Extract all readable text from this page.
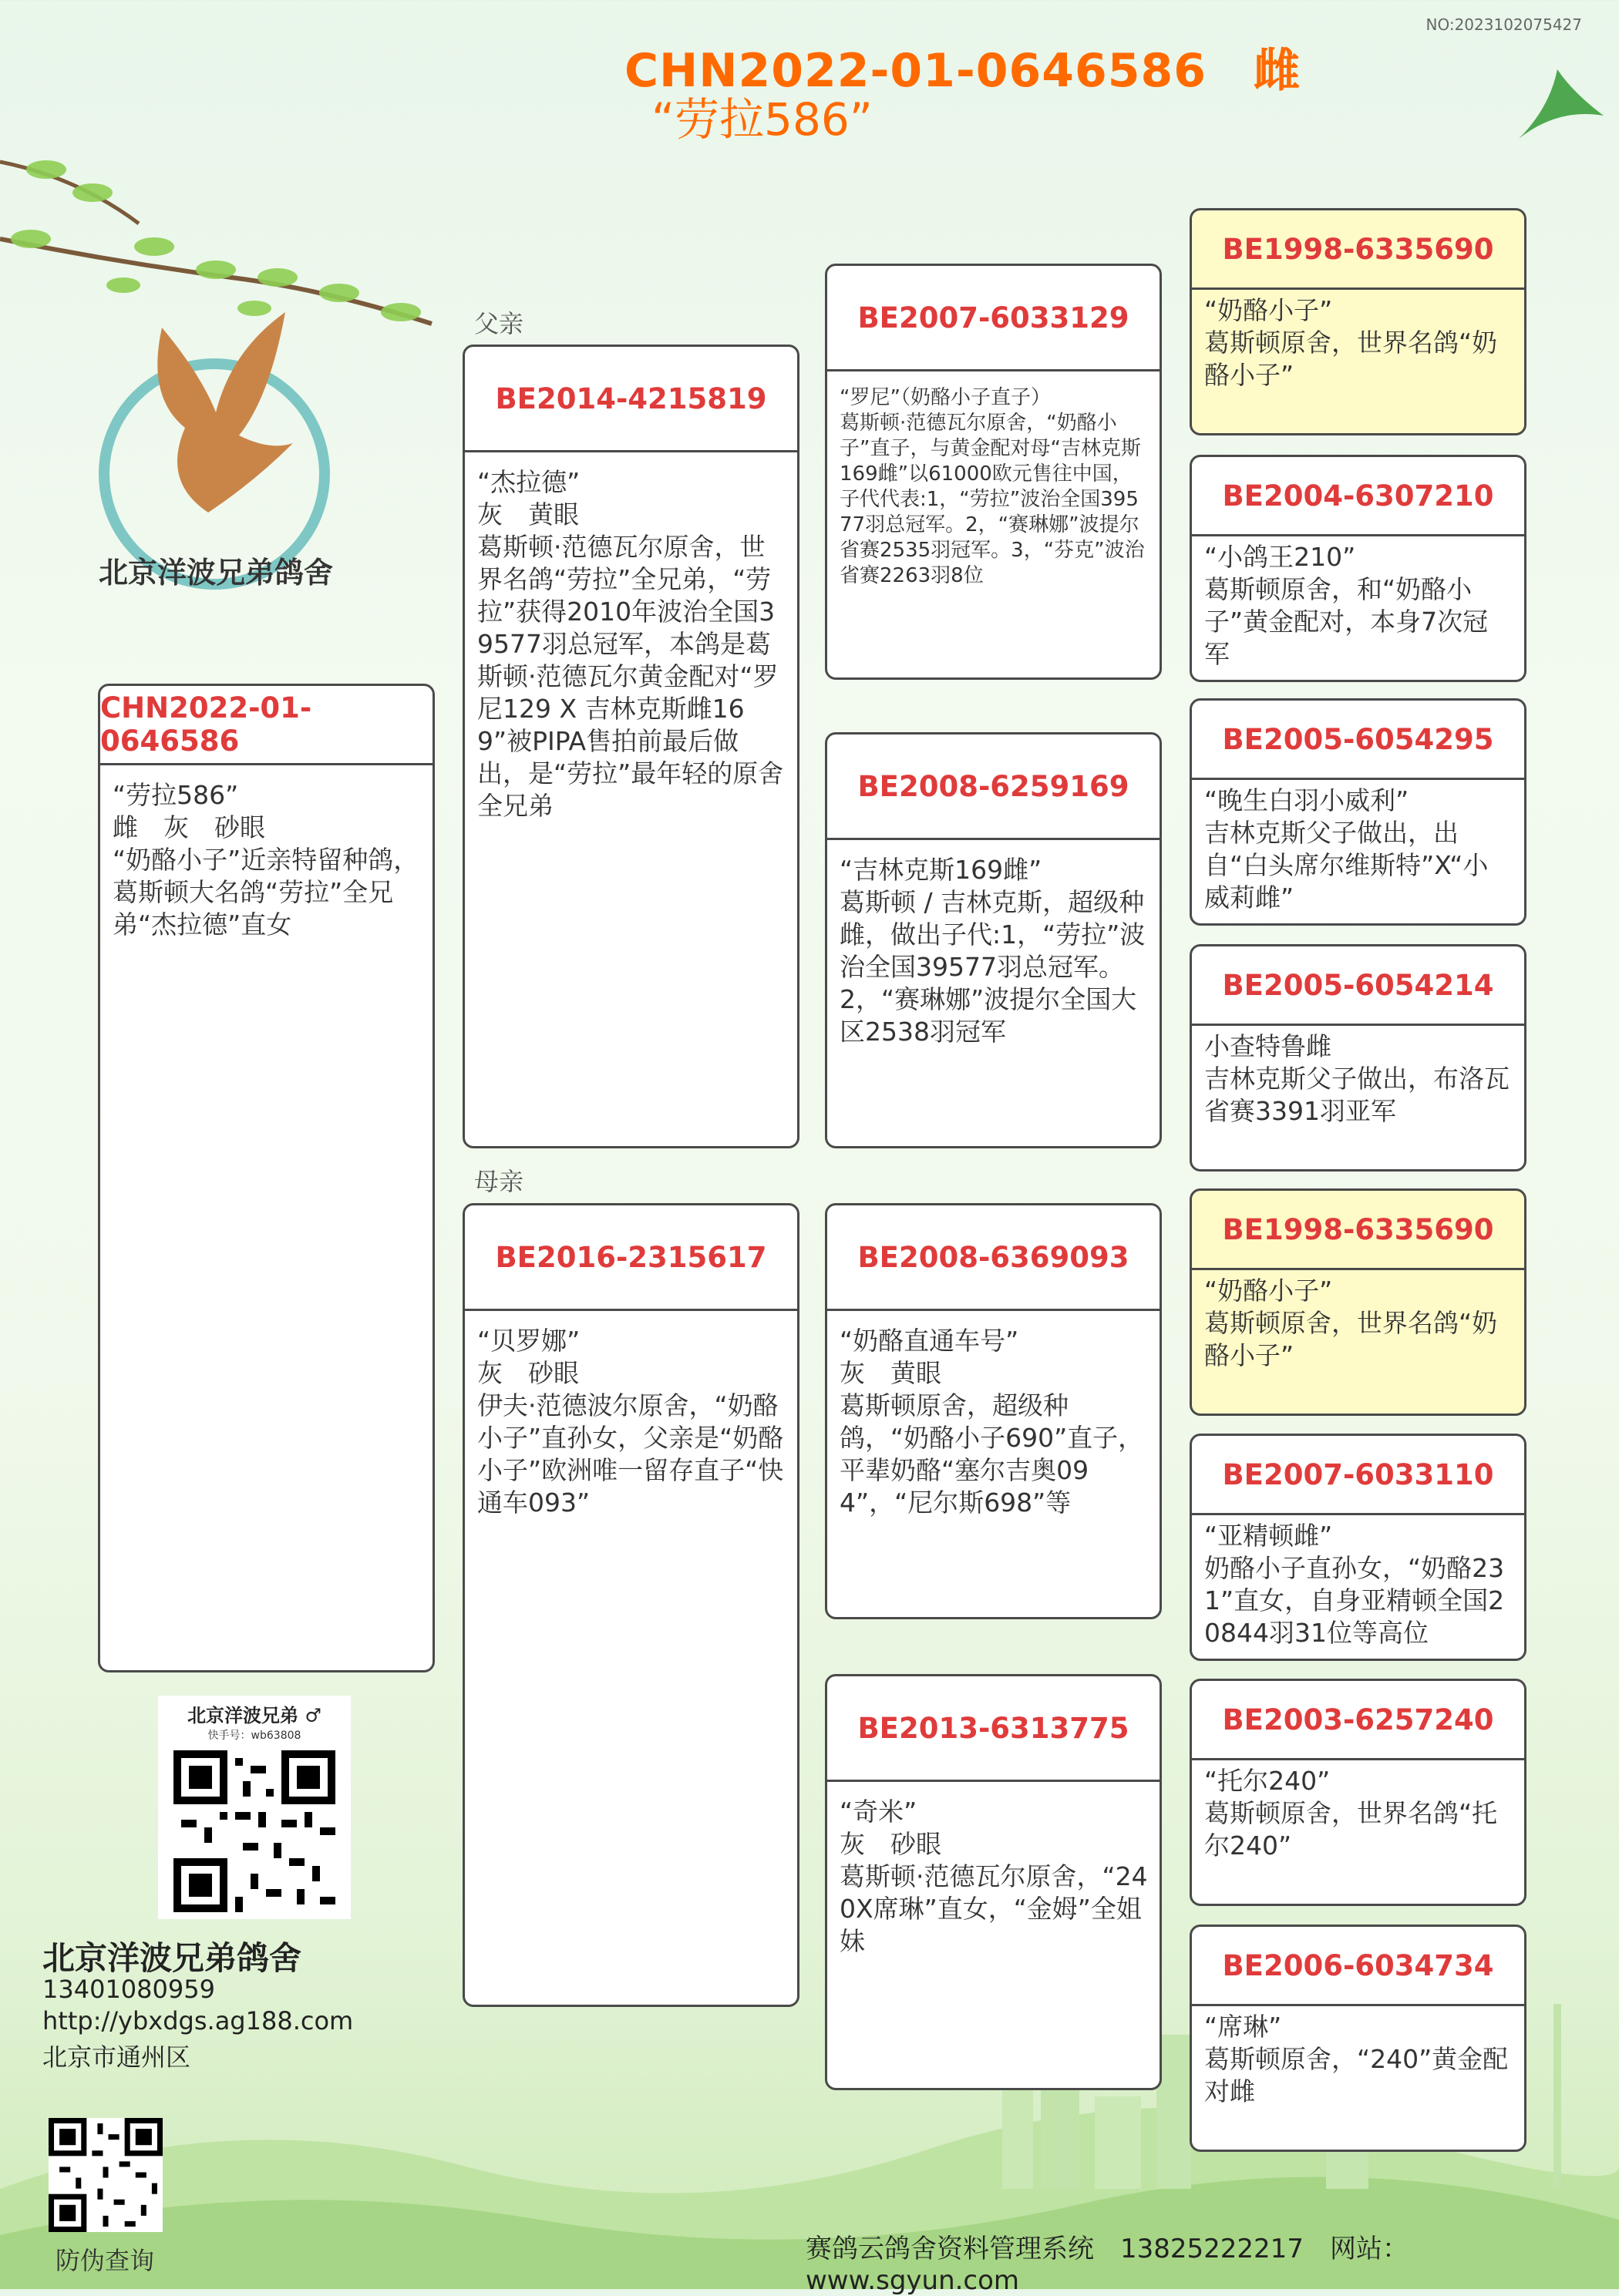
NO:2023102075427
CHN2022-01-0646586　雌
“劳拉586”
北京洋波兄弟鸽舍
父亲
母亲
CHN2022-01-0646586
“劳拉586”
雌　灰　砂眼
“奶酪小子”近亲特留种鸽，葛斯顿大名鸽“劳拉”全兄弟“杰拉德”直女
BE2014-4215819
“杰拉德”
灰　黄眼
葛斯顿·范德瓦尔原舍，世界名鸽“劳拉”全兄弟，“劳拉”获得2010年波治全国39577羽总冠军，本鸽是葛斯顿·范德瓦尔黄金配对“罗尼129 X 吉林克斯雌169”被PIPA售拍前最后做出，是“劳拉”最年轻的原舍全兄弟
BE2016-2315617
“贝罗娜”
灰　砂眼
伊夫·范德波尔原舍，“奶酪小子”直孙女，父亲是“奶酪小子”欧洲唯一留存直子“快通车093”
BE2007-6033129
“罗尼”（奶酪小子直子）
葛斯顿·范德瓦尔原舍，“奶酪小子”直子，与黄金配对母“吉林克斯169雌”以61000欧元售往中国，子代代表:1，“劳拉”波治全国39577羽总冠军。2，“赛琳娜”波提尔省赛2535羽冠军。3，“芬克”波治省赛2263羽8位
BE2008-6259169
“吉林克斯169雌”
葛斯顿 / 吉林克斯，超级种雌，做出子代:1，“劳拉”波治全国39577羽总冠军。2，“赛琳娜”波提尔全国大区2538羽冠军
BE2008-6369093
“奶酪直通车号”
灰　黄眼
葛斯顿原舍，超级种鸽，“奶酪小子690”直子，平辈奶酪“塞尔吉奥094”，“尼尔斯698”等
BE2013-6313775
“奇米”
灰　砂眼
葛斯顿·范德瓦尔原舍，“240X席琳”直女，“金姆”全姐妹
BE1998-6335690
“奶酪小子”
葛斯顿原舍，世界名鸽“奶酪小子”
BE2004-6307210
“小鸽王210”
葛斯顿原舍，和“奶酪小子”黄金配对，本身7次冠军
BE2005-6054295
“晚生白羽小威利”
吉林克斯父子做出，出自“白头席尔维斯特”X“小威莉雌”
BE2005-6054214
小查特鲁雌
吉林克斯父子做出，布洛瓦省赛3391羽亚军
BE1998-6335690
“奶酪小子”
葛斯顿原舍，世界名鸽“奶酪小子”
BE2007-6033110
“亚精顿雌”
奶酪小子直孙女，“奶酪231”直女，自身亚精顿全国20844羽31位等高位
BE2003-6257240
“托尔240”
葛斯顿原舍，世界名鸽“托尔240”
BE2006-6034734
“席琳”
葛斯顿原舍，“240”黄金配对雌
北京洋波兄弟 ♂
快手号：wb63808
北京洋波兄弟鸽舍
13401080959
http://ybxdgs.ag188.com
北京市通州区
防伪查询	赛鸽云鸽舍资料管理系统　13825222217　网站：www.sgyun.com
